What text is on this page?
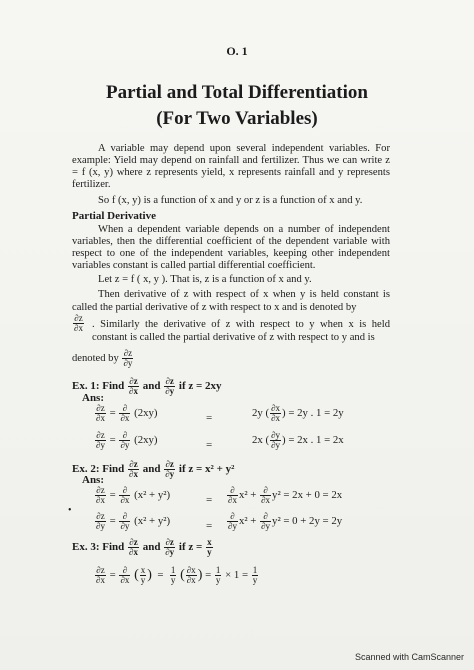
O. 1
Partial and Total Differentiation
(For Two Variables)
A variable may depend upon several independent variables. For example: Yield may depend on rainfall and fertilizer. Thus we can write z = f (x, y) where z represents yield, x represents rainfall and y represents fertilizer.
So f (x, y) is a function of x and y or z is a function of x and y.
Partial Derivative
When a dependent variable depends on a number of independent variables, then the differential coefficient of the dependent variable with respect to one of the independent variables, keeping other independent variables constant is called partial differential coefficient.
Let z = f ( x, y ). That is, z is a function of x and y.
Then derivative of z with respect of x when y is held constant is called the partial derivative of z with respect to x and is denoted by
$\frac{\partial z}{\partial x}$ . Similarly the derivative of z with respect to y when x is held constant is called the partial derivative of z with respect to y and is
denoted by $\frac{\partial z}{\partial y}$
Ex. 1: Find $\frac{\partial z}{\partial x}$ and $\frac{\partial z}{\partial y}$ if z = 2xy
Ans:
$\frac{\partial z}{\partial x} = \frac{\partial}{\partial x} (2xy)$	=	2y ( $\frac{\partial x}{\partial x}$ ) = 2y . 1 = 2y
$\frac{\partial z}{\partial y} = \frac{\partial}{\partial y} (2xy)$	=	2x ( $\frac{\partial y}{\partial y}$ ) = 2x . 1 = 2x
Ex. 2: Find $\frac{\partial z}{\partial x}$ and $\frac{\partial z}{\partial y}$ if z = x² + y²
Ans:
$\frac{\partial z}{\partial x} = \frac{\partial}{\partial x} (x^2 + y^2)$	= $\frac{\partial}{\partial x} x^2 + \frac{\partial}{\partial x} y^2 = 2x + 0 = 2x$
•
$\frac{\partial z}{\partial y} = \frac{\partial}{\partial y} (x^2 + y^2)$	= $\frac{\partial}{\partial y} x^2 + \frac{\partial}{\partial y} y^2 = 0 + 2y = 2y$
Ex. 3: Find $\frac{\partial z}{\partial x}$ and $\frac{\partial z}{\partial y}$ if $z = \frac{x}{y}$
$\frac{\partial z}{\partial x} = \frac{\partial}{\partial x}$ ( $\frac{x}{y}$ ) = $\frac{1}{y}$ ( $\frac{\partial x}{\partial x}$ ) = $\frac{1}{y} \times 1 = \frac{1}{y}$
Scanned with CamScanner
